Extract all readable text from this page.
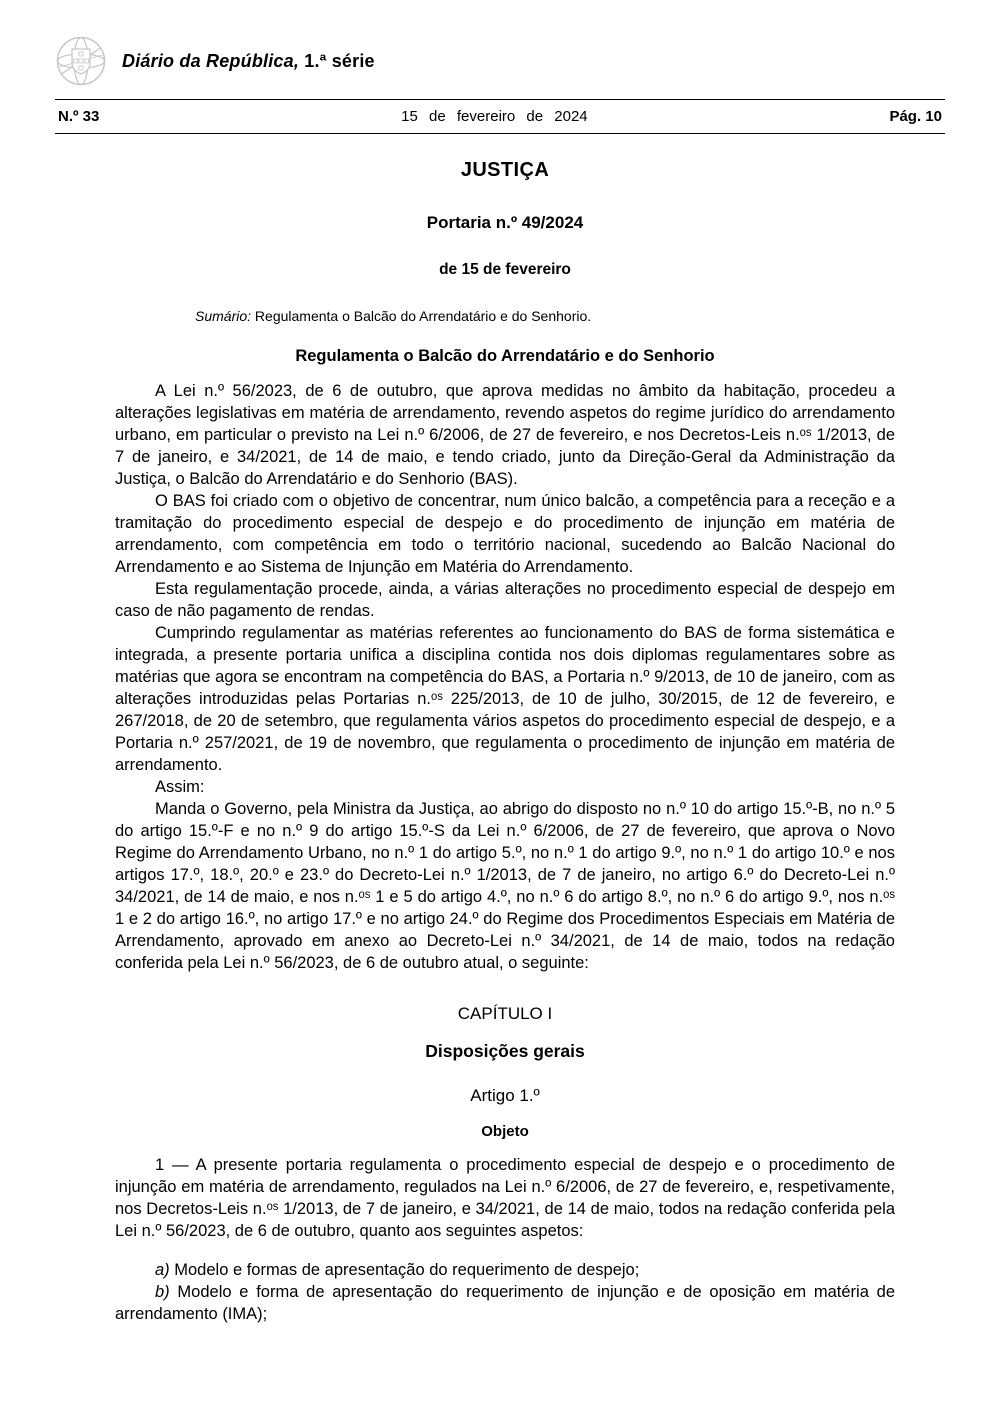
Diário da República, 1.ª série
N.º 33	15 de fevereiro de 2024	Pág. 10
JUSTIÇA
Portaria n.º 49/2024
de 15 de fevereiro
Sumário: Regulamenta o Balcão do Arrendatário e do Senhorio.
Regulamenta o Balcão do Arrendatário e do Senhorio

A Lei n.º 56/2023, de 6 de outubro, que aprova medidas no âmbito da habitação, procedeu a alterações legislativas em matéria de arrendamento, revendo aspetos do regime jurídico do arrendamento urbano, em particular o previsto na Lei n.º 6/2006, de 27 de fevereiro, e nos Decretos-Leis n.ᵒˢ 1/2013, de 7 de janeiro, e 34/2021, de 14 de maio, e tendo criado, junto da Direção-Geral da Administração da Justiça, o Balcão do Arrendatário e do Senhorio (BAS).

O BAS foi criado com o objetivo de concentrar, num único balcão, a competência para a receção e a tramitação do procedimento especial de despejo e do procedimento de injunção em matéria de arrendamento, com competência em todo o território nacional, sucedendo ao Balcão Nacional do Arrendamento e ao Sistema de Injunção em Matéria do Arrendamento.

Esta regulamentação procede, ainda, a várias alterações no procedimento especial de despejo em caso de não pagamento de rendas.

Cumprindo regulamentar as matérias referentes ao funcionamento do BAS de forma sistemática e integrada, a presente portaria unifica a disciplina contida nos dois diplomas regulamentares sobre as matérias que agora se encontram na competência do BAS, a Portaria n.º 9/2013, de 10 de janeiro, com as alterações introduzidas pelas Portarias n.ᵒˢ 225/2013, de 10 de julho, 30/2015, de 12 de fevereiro, e 267/2018, de 20 de setembro, que regulamenta vários aspetos do procedimento especial de despejo, e a Portaria n.º 257/2021, de 19 de novembro, que regulamenta o procedimento de injunção em matéria de arrendamento.

Assim:

Manda o Governo, pela Ministra da Justiça, ao abrigo do disposto no n.º 10 do artigo 15.º-B, no n.º 5 do artigo 15.º-F e no n.º 9 do artigo 15.º-S da Lei n.º 6/2006, de 27 de fevereiro, que aprova o Novo Regime do Arrendamento Urbano, no n.º 1 do artigo 5.º, no n.º 1 do artigo 9.º, no n.º 1 do artigo 10.º e nos artigos 17.º, 18.º, 20.º e 23.º do Decreto-Lei n.º 1/2013, de 7 de janeiro, no artigo 6.º do Decreto-Lei n.º 34/2021, de 14 de maio, e nos n.ᵒˢ 1 e 5 do artigo 4.º, no n.º 6 do artigo 8.º, no n.º 6 do artigo 9.º, nos n.ᵒˢ 1 e 2 do artigo 16.º, no artigo 17.º e no artigo 24.º do Regime dos Procedimentos Especiais em Matéria de Arrendamento, aprovado em anexo ao Decreto-Lei n.º 34/2021, de 14 de maio, todos na redação conferida pela Lei n.º 56/2023, de 6 de outubro atual, o seguinte:

CAPÍTULO I
Disposições gerais
Artigo 1.º
Objeto

1 — A presente portaria regulamenta o procedimento especial de despejo e o procedimento de injunção em matéria de arrendamento, regulados na Lei n.º 6/2006, de 27 de fevereiro, e, respetivamente, nos Decretos-Leis n.ᵒˢ 1/2013, de 7 de janeiro, e 34/2021, de 14 de maio, todos na redação conferida pela Lei n.º 56/2023, de 6 de outubro, quanto aos seguintes aspetos:

a) Modelo e formas de apresentação do requerimento de despejo;

b) Modelo e forma de apresentação do requerimento de injunção e de oposição em matéria de arrendamento (IMA);
